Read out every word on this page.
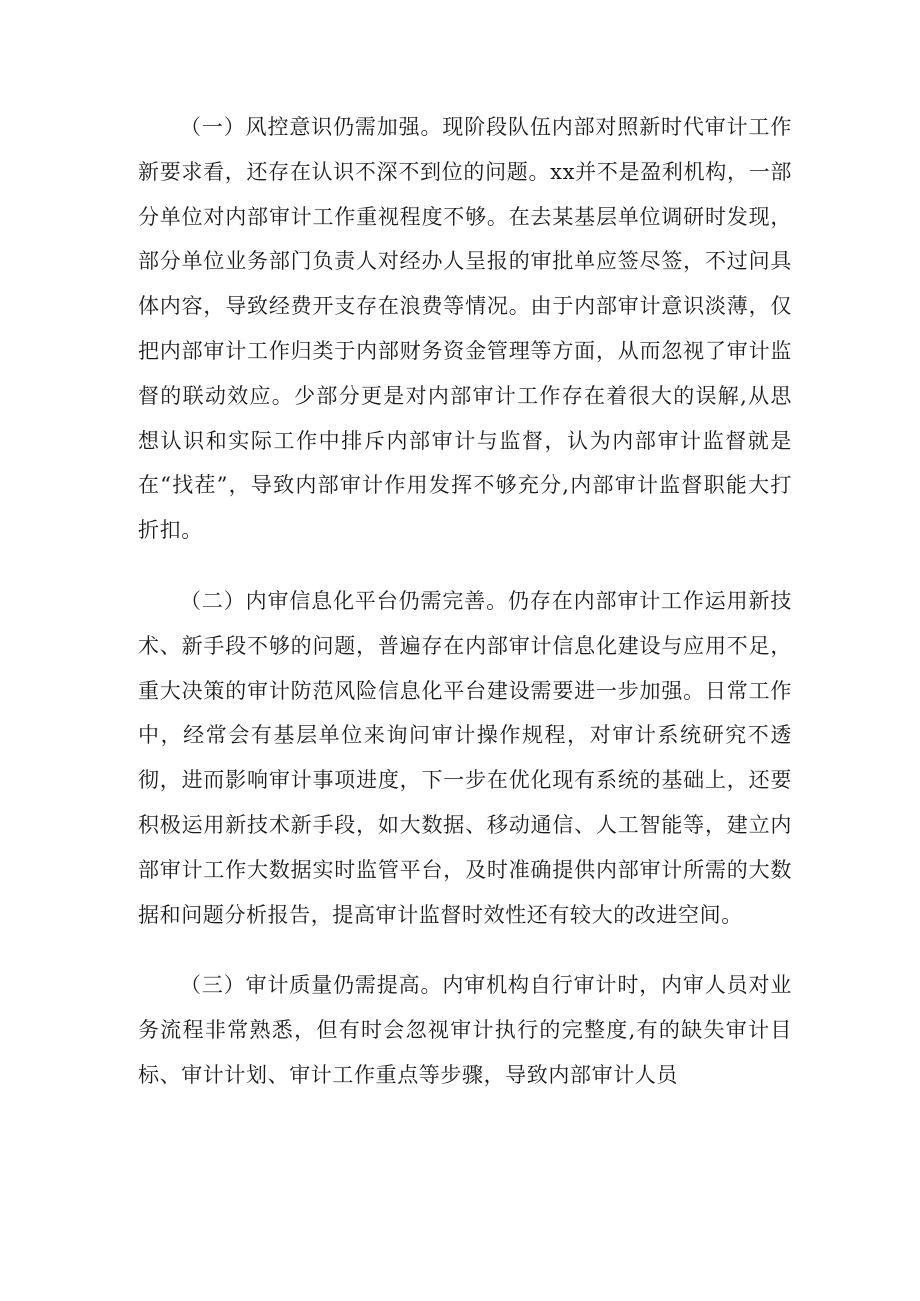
（一）风控意识仍需加强。现阶段队伍内部对照新时代审计工作新要求看，还存在认识不深不到位的问题。xx并不是盈利机构，一部分单位对内部审计工作重视程度不够。在去某基层单位调研时发现，部分单位业务部门负责人对经办人呈报的审批单应签尽签，不过问具体内容，导致经费开支存在浪费等情况。由于内部审计意识淡薄，仅把内部审计工作归类于内部财务资金管理等方面，从而忽视了审计监督的联动效应。少部分更是对内部审计工作存在着很大的误解,从思想认识和实际工作中排斥内部审计与监督，认为内部审计监督就是在“找茬”，导致内部审计作用发挥不够充分,内部审计监督职能大打折扣。

（二）内审信息化平台仍需完善。仍存在内部审计工作运用新技术、新手段不够的问题，普遍存在内部审计信息化建设与应用不足，重大决策的审计防范风险信息化平台建设需要进一步加强。日常工作中，经常会有基层单位来询问审计操作规程，对审计系统研究不透彻，进而影响审计事项进度，下一步在优化现有系统的基础上，还要积极运用新技术新手段，如大数据、移动通信、人工智能等，建立内部审计工作大数据实时监管平台，及时准确提供内部审计所需的大数据和问题分析报告，提高审计监督时效性还有较大的改进空间。

（三）审计质量仍需提高。内审机构自行审计时，内审人员对业务流程非常熟悉，但有时会忽视审计执行的完整度,有的缺失审计目标、审计计划、审计工作重点等步骤，导致内部审计人员
